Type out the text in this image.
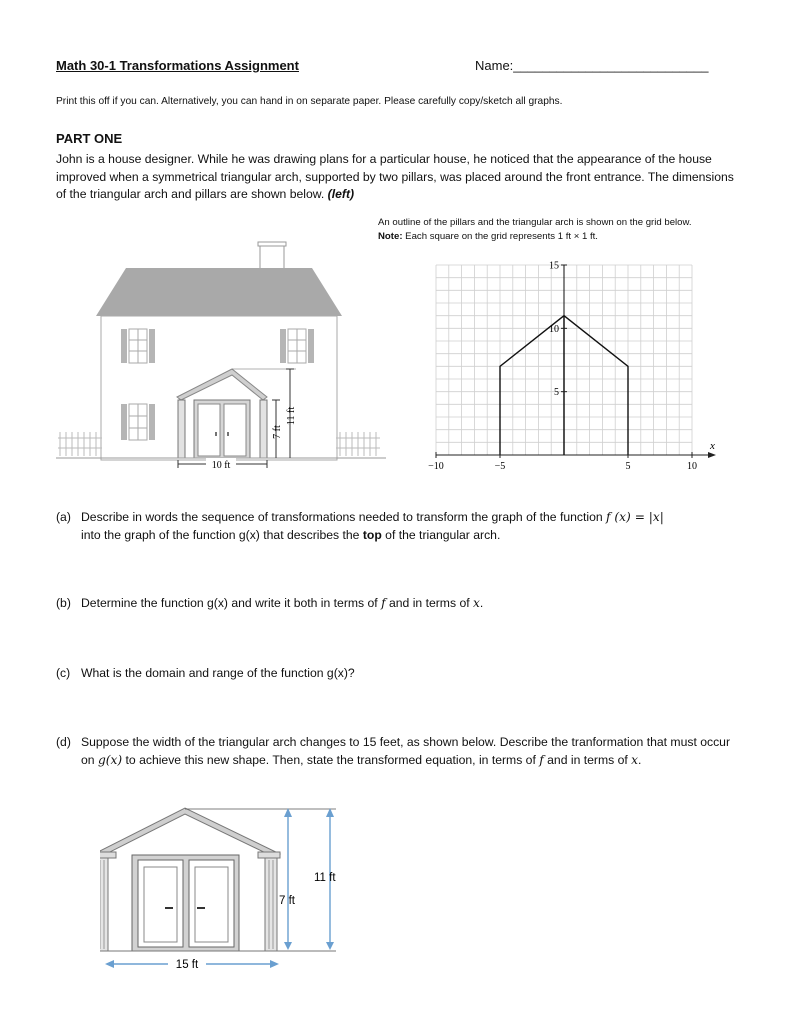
Math 30-1 Transformations Assignment	Name:___________________________
Print this off if you can. Alternatively, you can hand in on separate paper. Please carefully copy/sketch all graphs.
PART ONE
John is a house designer. While he was drawing plans for a particular house, he noticed that the appearance of the house improved when a symmetrical triangular arch, supported by two pillars, was placed around the front entrance. The dimensions of the triangular arch and pillars are shown below. (left)
7 ft
11 ft
10 ft
An outline of the pillars and the triangular arch is shown on the grid below.
Note: Each square on the grid represents 1 ft × 1 ft.
x
−10	−5	5	10
5
10
15
(a) Describe in words the sequence of transformations needed to transform the graph of the function f (x) = |x|
into the graph of the function g(x) that describes the top of the triangular arch.
(b) Determine the function g(x) and write it both in terms of f and in terms of x.
(c) What is the domain and range of the function g(x)?
(d) Suppose the width of the triangular arch changes to 15 feet, as shown below. Describe the tranformation that must occur on g(x) to achieve this new shape. Then, state the transformed equation, in terms of f and in terms of x.
7 ft
11 ft
15 ft
